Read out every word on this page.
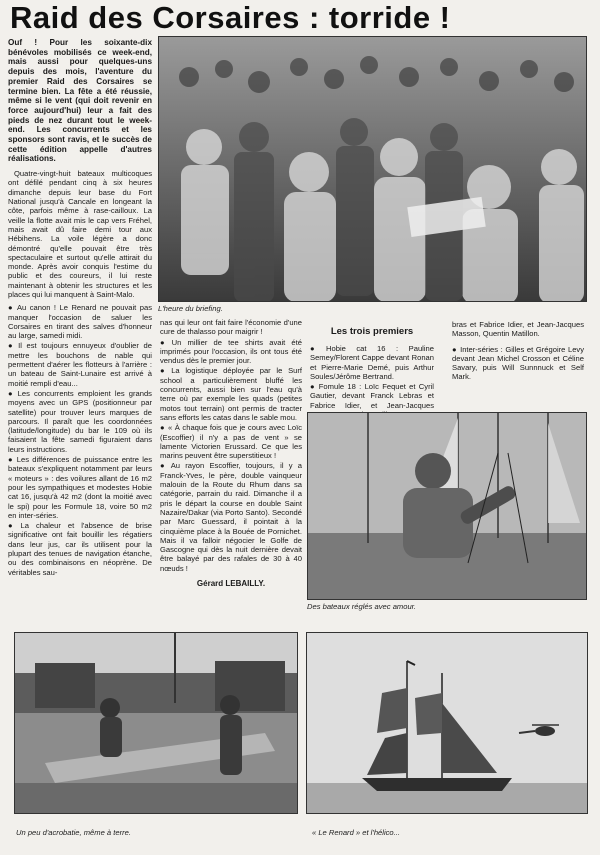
Raid des Corsaires : torride !
L'heure du briefing.

Ouf ! Pour les soixante-dix bénévoles mobilisés ce week-end, mais aussi pour quelques-uns depuis des mois, l'aventure du premier Raid des Corsaires se termine bien. La fête a été réussie, même si le vent (qui doit revenir en force aujourd'hui) leur a fait des pieds de nez durant tout le week-end. Les concurrents et les sponsors sont ravis, et le succès de cette édition appelle d'autres réalisations.

Quatre-vingt-huit bateaux multicoques ont défilé pendant cinq à six heures dimanche depuis leur base du Fort National jusqu'à Cancale en longeant la côte, parfois même à rase-cailloux. La veille la flotte avait mis le cap vers Fréhel, mais avait dû faire demi tour aux Hébihens. La voile légère a donc démontré qu'elle pouvait être très spectaculaire et surtout qu'elle attirait du monde. Après avoir conquis l'estime du public et des coureurs, il lui reste maintenant à obtenir les structures et les places qui lui manquent à Saint-Malo.

● Au canon ! Le Renard ne pouvait pas manquer l'occasion de saluer les Corsaires en tirant des salves d'honneur au large, samedi midi.

● Il est toujours ennuyeux d'oublier de mettre les bouchons de nable qui permettent d'aérer les flotteurs à l'arrière : un bateau de Saint-Lunaire est arrivé à moitié rempli d'eau...

● Les concurrents emploient les grands moyens avec un GPS (positionneur par satellite) pour trouver leurs marques de parcours. Il paraît que les coordonnées (latitude/longitude) du bar le 109 où ils faisaient la fête samedi figuraient dans leurs instructions.

● Les différences de puissance entre les bateaux s'expliquent notamment par leurs « moteurs » : des voilures allant de 16 m2 pour les sympathiques et modestes Hobie cat 16, jusqu'à 42 m2 (dont la moitié avec le spi) pour les Formule 18, voire 50 m2 en inter-séries.

● La chaleur et l'absence de brise significative ont fait bouillir les régatiers dans leur jus, car ils utilisent pour la plupart des tenues de navigation étanche, ou des combinaisons en néoprène. De véritables sau-

nas qui leur ont fait faire l'économie d'une cure de thalasso pour maigrir !

● Un millier de tee shirts avait été imprimés pour l'occasion, ils ont tous été vendus dès le premier jour.

● La logistique déployée par le Surf school a particulièrement bluffé les concurrents, aussi bien sur l'eau qu'à terre où par exemple les quads (petites motos tout terrain) ont permis de tracter sans efforts les catas dans le sable mou.

● « À chaque fois que je cours avec Loïc (Escoffier) il n'y a pas de vent » se lamente Victorien Erussard. Ce que les marins peuvent être superstitieux !

● Au rayon Escoffier, toujours, il y a Franck-Yves, le père, double vainqueur malouin de la Route du Rhum dans sa catégorie, parrain du raid. Dimanche il a pris le départ la course en double Saint Nazaire/Dakar (via Porto Santo). Secondé par Marc Guessard, il pointait à la cinquième place à la Bouée de Pornichet. Mais il va falloir négocier le Golfe de Gascogne qui dès la nuit dernière devait être balayé par des rafales de 30 à 40 nœuds !

Gérard LEBAILLY.

Les trois premiers

● Hobie cat 16 : Pauline Semey/Florent Cappe devant Ronan et Pierre-Marie Demé, puis Arthur Soules/Jérôme Bertrand.

● Fomule 18 : Loïc Fequet et Cyril Gautier, devant Franck Lebras et Fabrice Idier, et Jean-Jacques

bras et Fabrice Idier, et Jean-Jacques Masson, Quentin Matillon.

● Inter-séries : Gilles et Grégoire Levy devant Jean Michel Crosson et Céline Savary, puis Will Sunnnuck et Self Mark.

Des bateaux réglés avec amour.
Un peu d'acrobatie, même à terre.	« Le Renard » et l'hélico...
